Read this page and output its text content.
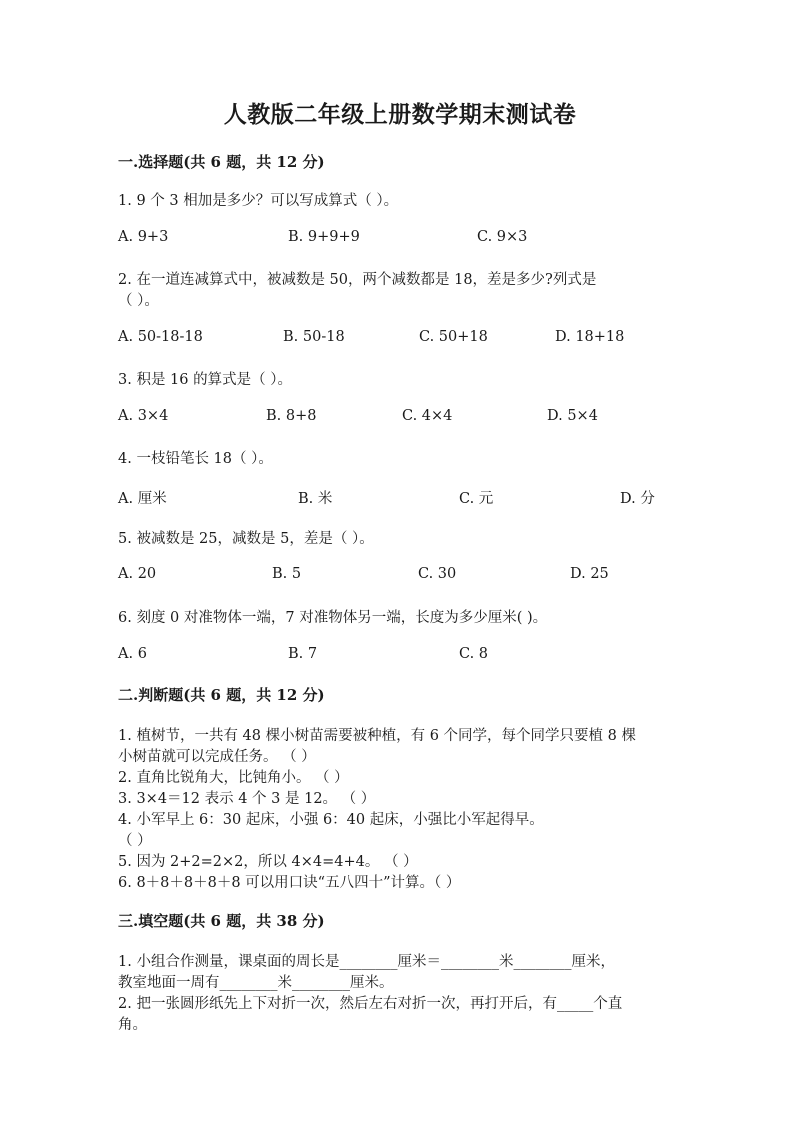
人教版二年级上册数学期末测试卷
一.选择题(共 6 题，共 12 分)
1. 9 个 3 相加是多少？可以写成算式（ ）。
A. 9+3	B. 9+9+9	C. 9×3
2. 在一道连减算式中，被减数是 50，两个减数都是 18，差是多少?列式是
（ ）。
A. 50-18-18	B. 50-18	C. 50+18	D. 18+18
3. 积是 16 的算式是（ ）。
A. 3×4	B. 8+8	C. 4×4	D. 5×4
4. 一枝铅笔长 18（ ）。
A. 厘米	B. 米	C. 元	D. 分
5. 被减数是 25，减数是 5，差是（ ）。
A. 20	B. 5	C. 30	D. 25
6. 刻度 0 对准物体一端，7 对准物体另一端，长度为多少厘米( )。
A. 6	B. 7	C. 8
二.判断题(共 6 题，共 12 分)
1. 植树节，一共有 48 棵小树苗需要被种植，有 6 个同学，每个同学只要植 8 棵
小树苗就可以完成任务。 （ ）
2. 直角比锐角大，比钝角小。 （ ）
3. 3×4＝12 表示 4 个 3 是 12。 （ ）
4. 小军早上 6：30 起床，小强 6：40 起床，小强比小军起得早。
（ ）
5. 因为 2+2=2×2，所以 4×4=4+4。 （ ）
6. 8＋8＋8＋8＋8 可以用口诀“五八四十”计算。（ ）
三.填空题(共 6 题，共 38 分)
1. 小组合作测量，课桌面的周长是________厘米＝________米________厘米，
教室地面一周有________米________厘米。
2. 把一张圆形纸先上下对折一次，然后左右对折一次，再打开后，有_____个直
角。
